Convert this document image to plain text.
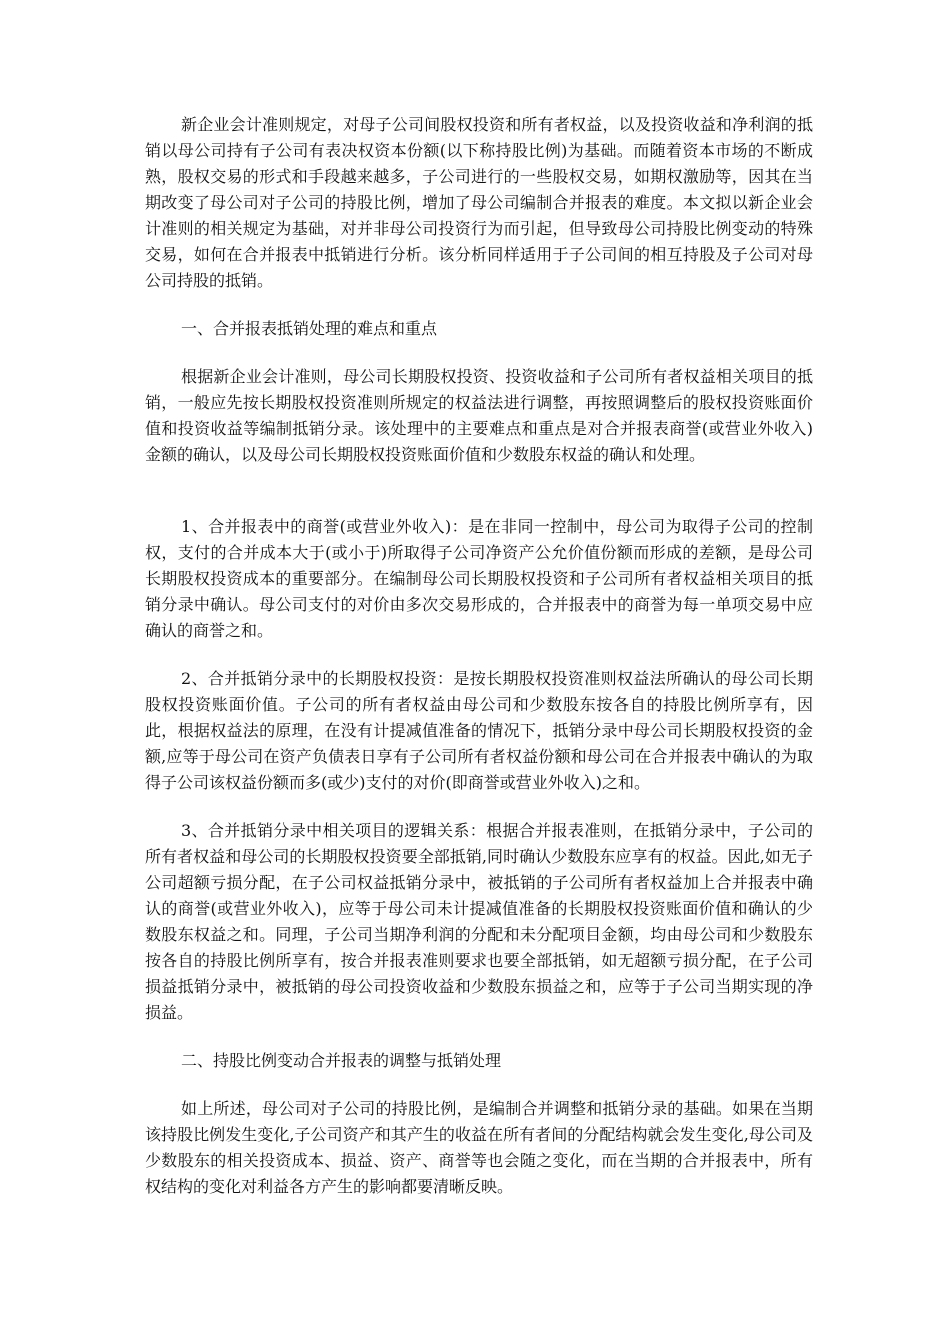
新企业会计准则规定，对母子公司间股权投资和所有者权益，以及投资收益和净利润的抵销以母公司持有子公司有表决权资本份额(以下称持股比例)为基础。而随着资本市场的不断成熟，股权交易的形式和手段越来越多，子公司进行的一些股权交易，如期权激励等，因其在当期改变了母公司对子公司的持股比例，增加了母公司编制合并报表的难度。本文拟以新企业会计准则的相关规定为基础，对并非母公司投资行为而引起，但导致母公司持股比例变动的特殊交易，如何在合并报表中抵销进行分析。该分析同样适用于子公司间的相互持股及子公司对母公司持股的抵销。

一、合并报表抵销处理的难点和重点

根据新企业会计准则，母公司长期股权投资、投资收益和子公司所有者权益相关项目的抵销，一般应先按长期股权投资准则所规定的权益法进行调整，再按照调整后的股权投资账面价值和投资收益等编制抵销分录。该处理中的主要难点和重点是对合并报表商誉(或营业外收入)金额的确认，以及母公司长期股权投资账面价值和少数股东权益的确认和处理。

1、合并报表中的商誉(或营业外收入)：是在非同一控制中，母公司为取得子公司的控制权，支付的合并成本大于(或小于)所取得子公司净资产公允价值份额而形成的差额，是母公司长期股权投资成本的重要部分。在编制母公司长期股权投资和子公司所有者权益相关项目的抵销分录中确认。母公司支付的对价由多次交易形成的，合并报表中的商誉为每一单项交易中应确认的商誉之和。

2、合并抵销分录中的长期股权投资：是按长期股权投资准则权益法所确认的母公司长期股权投资账面价值。子公司的所有者权益由母公司和少数股东按各自的持股比例所享有，因此，根据权益法的原理，在没有计提减值准备的情况下，抵销分录中母公司长期股权投资的金额,应等于母公司在资产负债表日享有子公司所有者权益份额和母公司在合并报表中确认的为取得子公司该权益份额而多(或少)支付的对价(即商誉或营业外收入)之和。

3、合并抵销分录中相关项目的逻辑关系：根据合并报表准则，在抵销分录中，子公司的所有者权益和母公司的长期股权投资要全部抵销,同时确认少数股东应享有的权益。因此,如无子公司超额亏损分配，在子公司权益抵销分录中，被抵销的子公司所有者权益加上合并报表中确认的商誉(或营业外收入)，应等于母公司未计提减值准备的长期股权投资账面价值和确认的少数股东权益之和。同理，子公司当期净利润的分配和未分配项目金额，均由母公司和少数股东按各自的持股比例所享有，按合并报表准则要求也要全部抵销，如无超额亏损分配，在子公司损益抵销分录中，被抵销的母公司投资收益和少数股东损益之和，应等于子公司当期实现的净损益。

二、持股比例变动合并报表的调整与抵销处理

如上所述，母公司对子公司的持股比例，是编制合并调整和抵销分录的基础。如果在当期该持股比例发生变化,子公司资产和其产生的收益在所有者间的分配结构就会发生变化,母公司及少数股东的相关投资成本、损益、资产、商誉等也会随之变化，而在当期的合并报表中，所有权结构的变化对利益各方产生的影响都要清晰反映。
